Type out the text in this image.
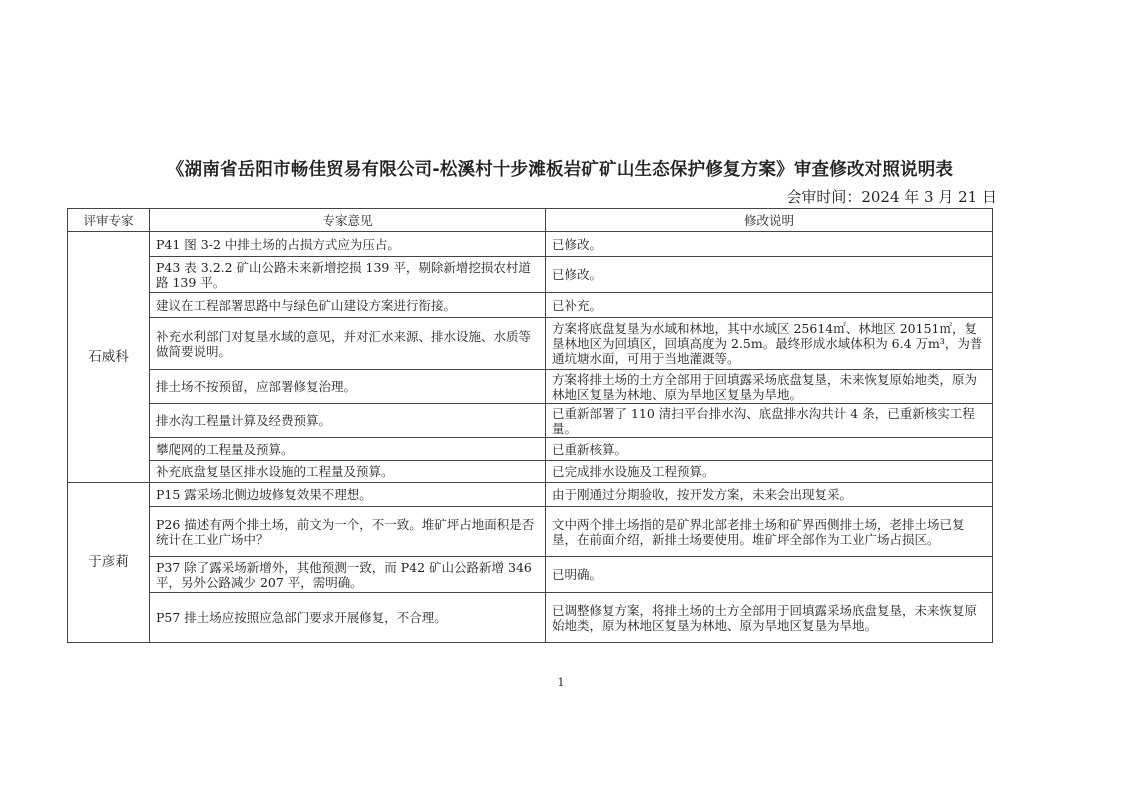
《湖南省岳阳市畅佳贸易有限公司-松溪村十步滩板岩矿矿山生态保护修复方案》审查修改对照说明表
会审时间：2024 年 3 月 21 日
评审专家	专家意见	修改说明
石威科	P41 图 3-2 中排土场的占损方式应为压占。	已修改。
	P43 表 3.2.2 矿山公路未来新增挖损 139 平，剔除新增挖损农村道路 139 平。	已修改。
	建议在工程部署思路中与绿色矿山建设方案进行衔接。	已补充。
	补充水利部门对复垦水域的意见，并对汇水来源、排水设施、水质等做简要说明。	方案将底盘复垦为水域和林地，其中水域区 25614㎡、林地区 20151㎡，复垦林地区为回填区，回填高度为 2.5m。最终形成水域体积为 6.4 万m³，为普通坑塘水面，可用于当地灌溉等。
	排土场不按预留，应部署修复治理。	方案将排土场的土方全部用于回填露采场底盘复垦，未来恢复原始地类，原为林地区复垦为林地、原为旱地区复垦为旱地。
	排水沟工程量计算及经费预算。	已重新部署了 110 清扫平台排水沟、底盘排水沟共计 4 条，已重新核实工程量。
	攀爬网的工程量及预算。	已重新核算。
	补充底盘复垦区排水设施的工程量及预算。	已完成排水设施及工程预算。
于彦莉	P15 露采场北侧边坡修复效果不理想。	由于刚通过分期验收，按开发方案，未来会出现复采。
	P26 描述有两个排土场，前文为一个，不一致。堆矿坪占地面积是否统计在工业广场中？	文中两个排土场指的是矿界北部老排土场和矿界西侧排土场，老排土场已复垦，在前面介绍，新排土场要使用。堆矿坪全部作为工业广场占损区。
	P37 除了露采场新增外，其他预测一致，而 P42 矿山公路新增 346 平，另外公路减少 207 平，需明确。	已明确。
	P57 排土场应按照应急部门要求开展修复，不合理。	已调整修复方案，将排土场的土方全部用于回填露采场底盘复垦，未来恢复原始地类，原为林地区复垦为林地、原为旱地区复垦为旱地。
1
